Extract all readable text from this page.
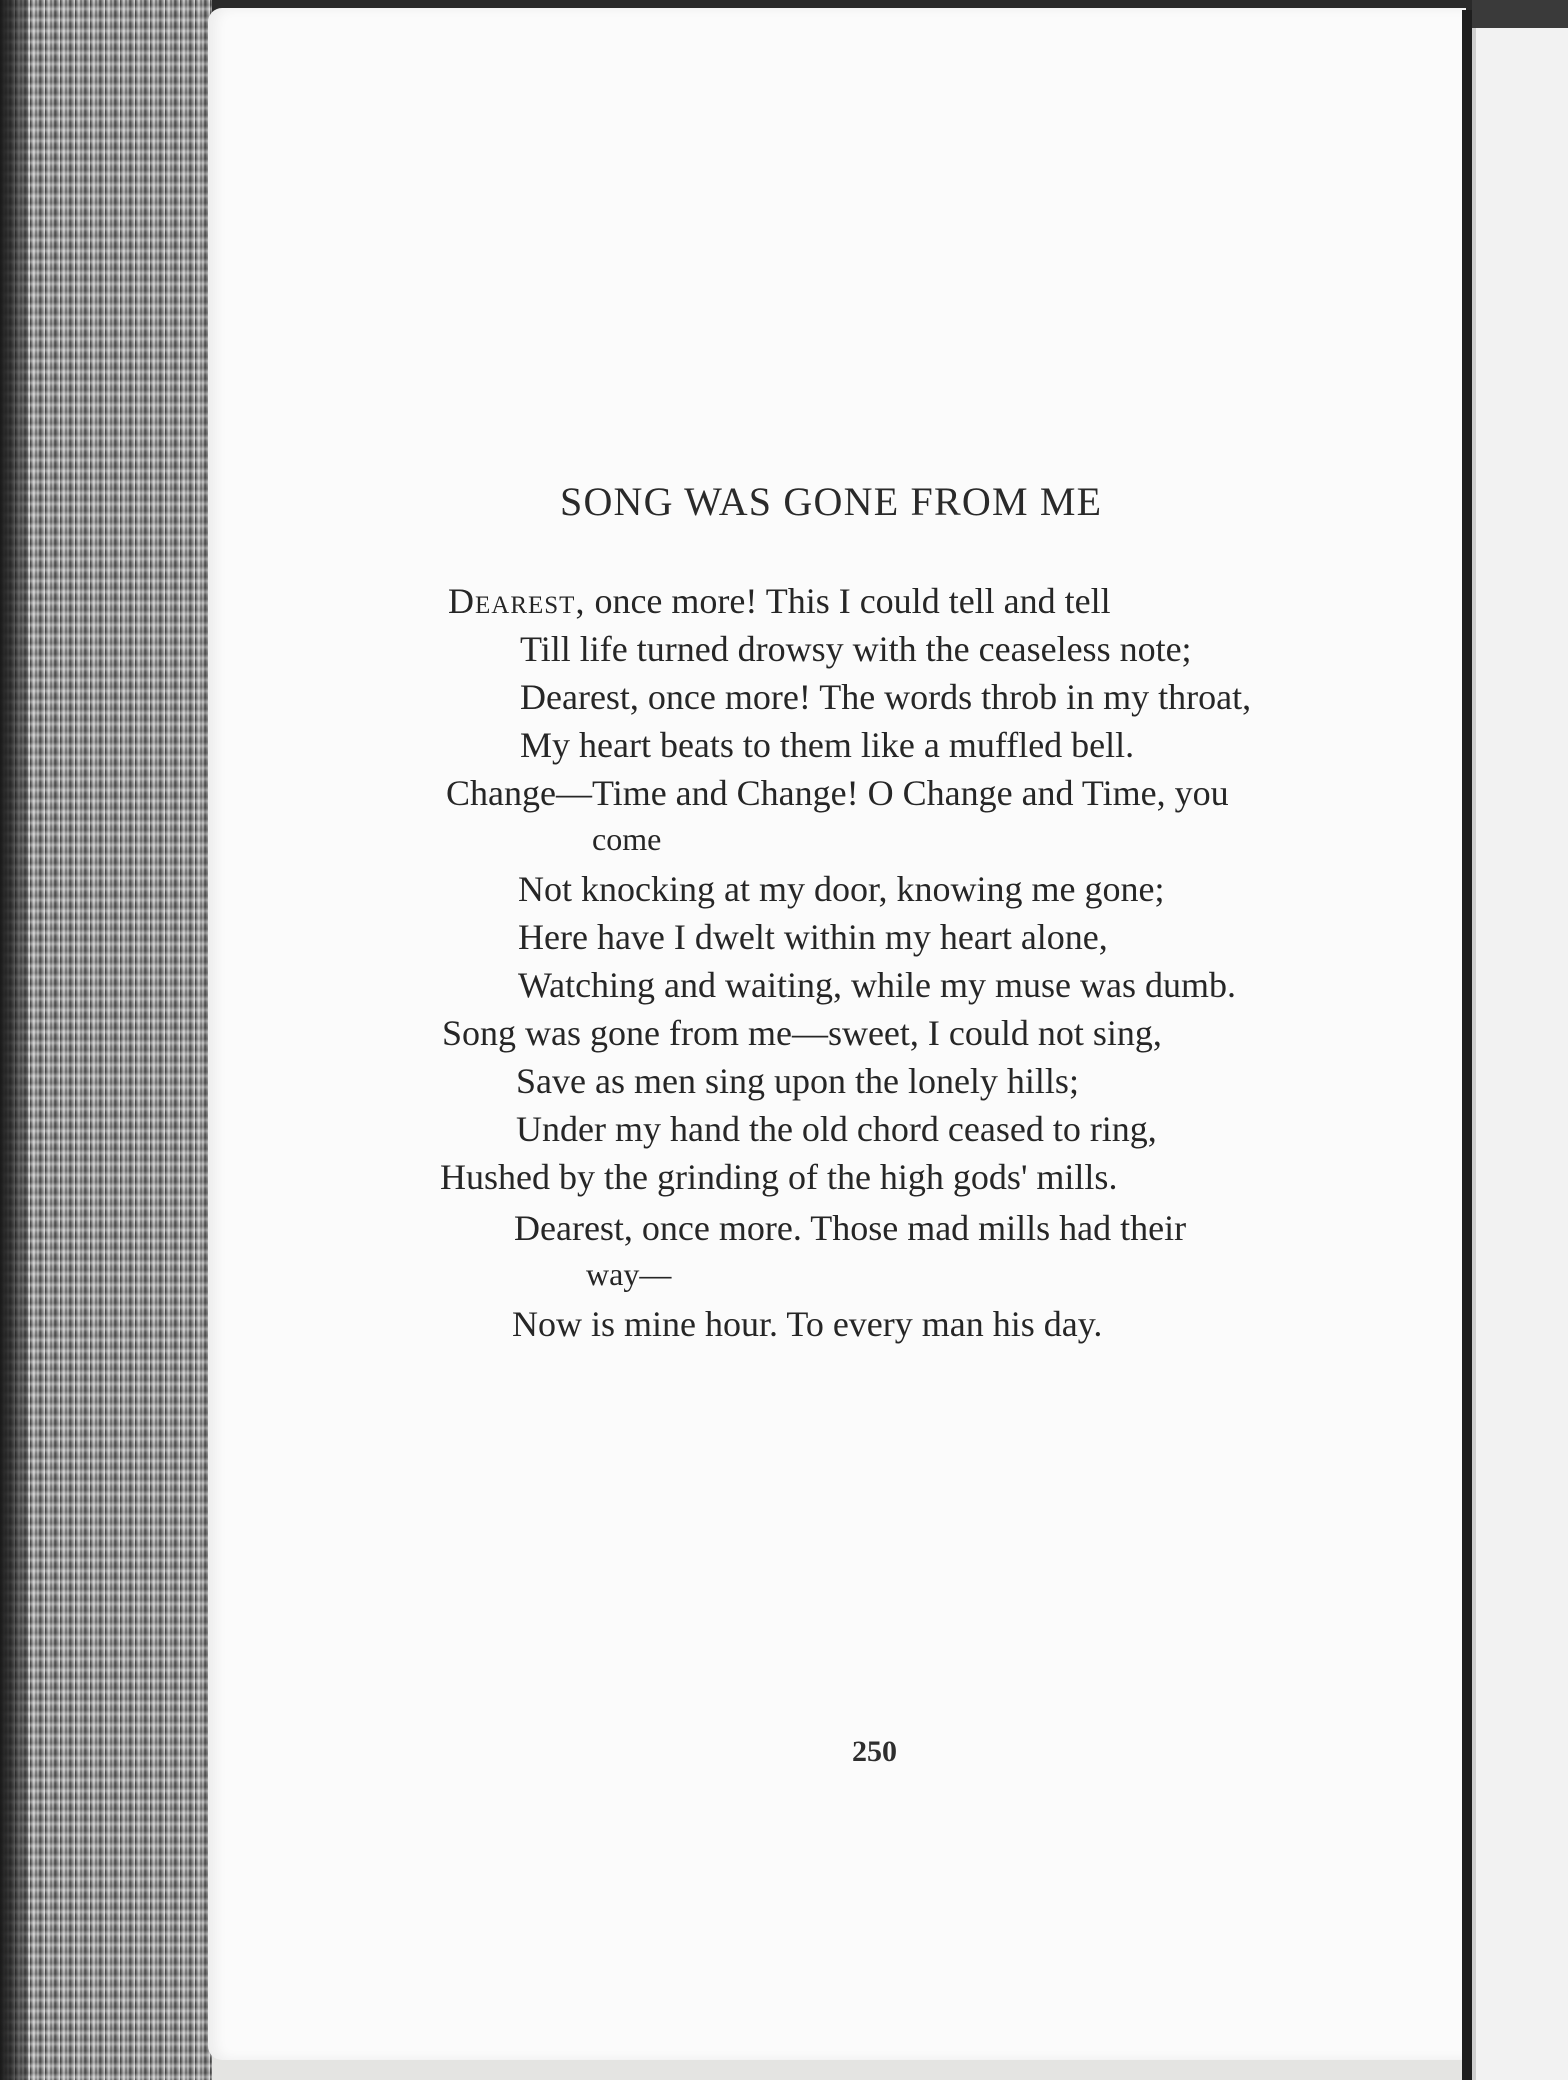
SONG WAS GONE FROM ME
Dearest, once more! This I could tell and tell
Till life turned drowsy with the ceaseless note;
Dearest, once more! The words throb in my throat,
My heart beats to them like a muffled bell.
Change—Time and Change! O Change and Time, you
come
Not knocking at my door, knowing me gone;
Here have I dwelt within my heart alone,
Watching and waiting, while my muse was dumb.
Song was gone from me—sweet, I could not sing,
Save as men sing upon the lonely hills;
Under my hand the old chord ceased to ring,
Hushed by the grinding of the high gods' mills.
Dearest, once more. Those mad mills had their
way—
Now is mine hour. To every man his day.
250
